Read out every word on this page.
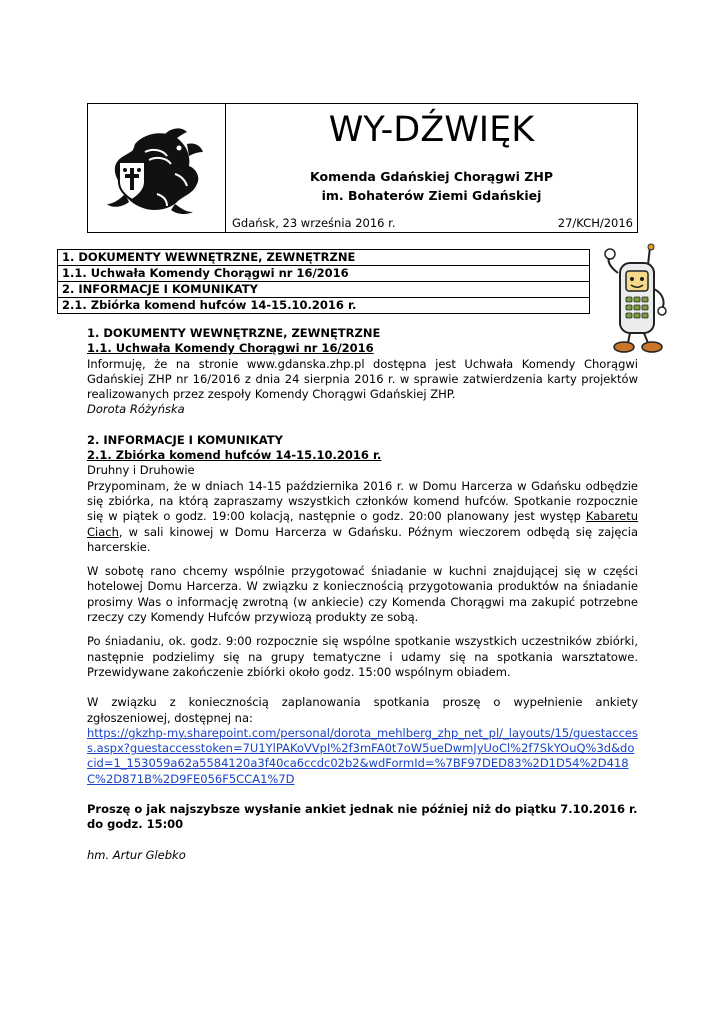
WY-DŹWIĘK
Komenda Gdańskiej Chorągwi ZHP
im. Bohaterów Ziemi Gdańskiej
Gdańsk, 23 września 2016 r.	27/KCH/2016
1. DOKUMENTY WEWNĘTRZNE, ZEWNĘTRZNE
1.1. Uchwała Komendy Chorągwi nr 16/2016
2. INFORMACJE I KOMUNIKATY
2.1. Zbiórka komend hufców 14-15.10.2016 r.

1. DOKUMENTY WEWNĘTRZNE, ZEWNĘTRZNE

1.1. Uchwała Komendy Chorągwi nr 16/2016

Informuję, że na stronie www.gdanska.zhp.pl dostępna jest Uchwała Komendy Chorągwi Gdańskiej ZHP nr 16/2016 z dnia 24 sierpnia 2016 r. w sprawie zatwierdzenia karty projektów realizowanych przez zespoły Komendy Chorągwi Gdańskiej ZHP.

Dorota Różyńska

2. INFORMACJE I KOMUNIKATY

2.1. Zbiórka komend hufców 14-15.10.2016 r.

Druhny i Druhowie

Przypominam, że w dniach 14-15 października 2016 r. w Domu Harcerza w Gdańsku odbędzie się zbiórka, na którą zapraszamy wszystkich członków komend hufców. Spotkanie rozpocznie się w piątek o godz. 19:00 kolacją, następnie o godz. 20:00 planowany jest występ Kabaretu Ciach, w sali kinowej w Domu Harcerza w Gdańsku. Późnym wieczorem odbędą się zajęcia harcerskie.

W sobotę rano chcemy wspólnie przygotować śniadanie w kuchni znajdującej się w części hotelowej Domu Harcerza. W związku z koniecznością przygotowania produktów na śniadanie prosimy Was o informację zwrotną (w ankiecie) czy Komenda Chorągwi ma zakupić potrzebne rzeczy czy Komendy Hufców przywiozą produkty ze sobą.

Po śniadaniu, ok. godz. 9:00 rozpocznie się wspólne spotkanie wszystkich uczestników zbiórki, następnie podzielimy się na grupy tematyczne i udamy się na spotkania warsztatowe. Przewidywane zakończenie zbiórki około godz. 15:00 wspólnym obiadem.

W związku z koniecznością zaplanowania spotkania proszę o wypełnienie ankiety zgłoszeniowej, dostępnej na:

https://gkzhp-my.sharepoint.com/personal/dorota_mehlberg_zhp_net_pl/_layouts/15/guestaccess.aspx?guestaccesstoken=7U1YlPAKoVVpI%2f3mFA0t7oW5ueDwmJyUoCl%2f7SkYOuQ%3d&docid=1_153059a62a5584120a3f40ca6ccdc02b2&wdFormId=%7BF97DED83%2D1D54%2D418C%2D871B%2D9FE056F5CCA1%7D

Proszę o jak najszybsze wysłanie ankiet jednak nie później niż do piątku 7.10.2016 r. do godz. 15:00

hm. Artur Glebko
